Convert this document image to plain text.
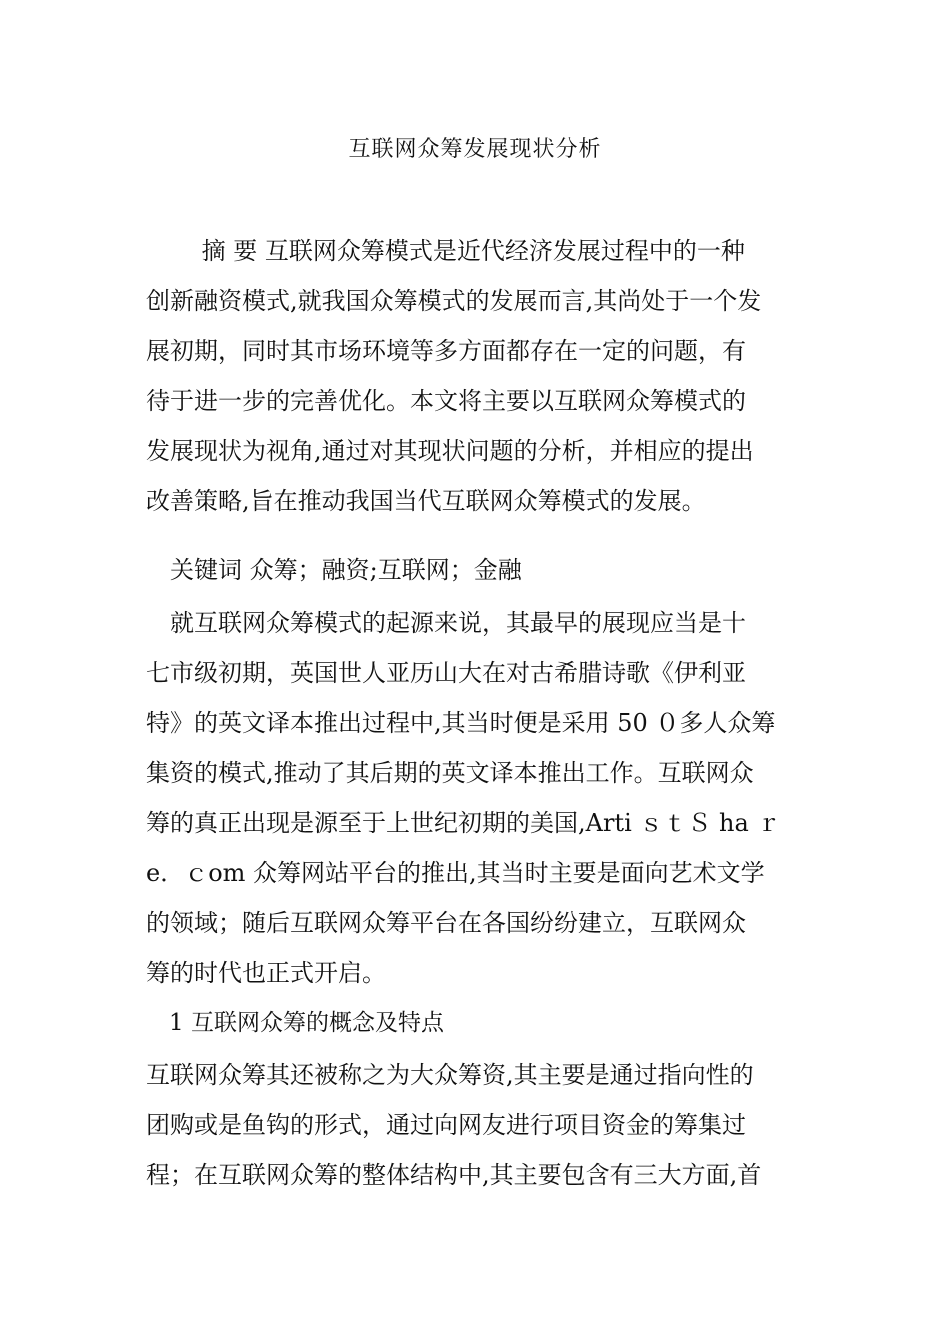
互联网众筹发展现状分析
　　 摘 要 互联网众筹模式是近代经济发展过程中的一种
创新融资模式,就我国众筹模式的发展而言,其尚处于一个发
展初期，同时其市场环境等多方面都存在一定的问题，有
待于进一步的完善优化。本文将主要以互联网众筹模式的
发展现状为视角,通过对其现状问题的分析，并相应的提出
改善策略,旨在推动我国当代互联网众筹模式的发展。
　关键词 众筹；融资;互联网；金融
　就互联网众筹模式的起源来说，其最早的展现应当是十
七市级初期，英国世人亚历山大在对古希腊诗歌《伊利亚
特》的英文译本推出过程中,其当时便是采用 50 ０多人众筹
集资的模式,推动了其后期的英文译本推出工作。互联网众
筹的真正出现是源至于上世纪初期的美国,Arti ｓｔＳ ha ｒ
e．ｃom 众筹网站平台的推出,其当时主要是面向艺术文学
的领域；随后互联网众筹平台在各国纷纷建立，互联网众
筹的时代也正式开启。
　1 互联网众筹的概念及特点
互联网众筹其还被称之为大众筹资,其主要是通过指向性的
团购或是鱼钩的形式，通过向网友进行项目资金的筹集过
程；在互联网众筹的整体结构中,其主要包含有三大方面,首
